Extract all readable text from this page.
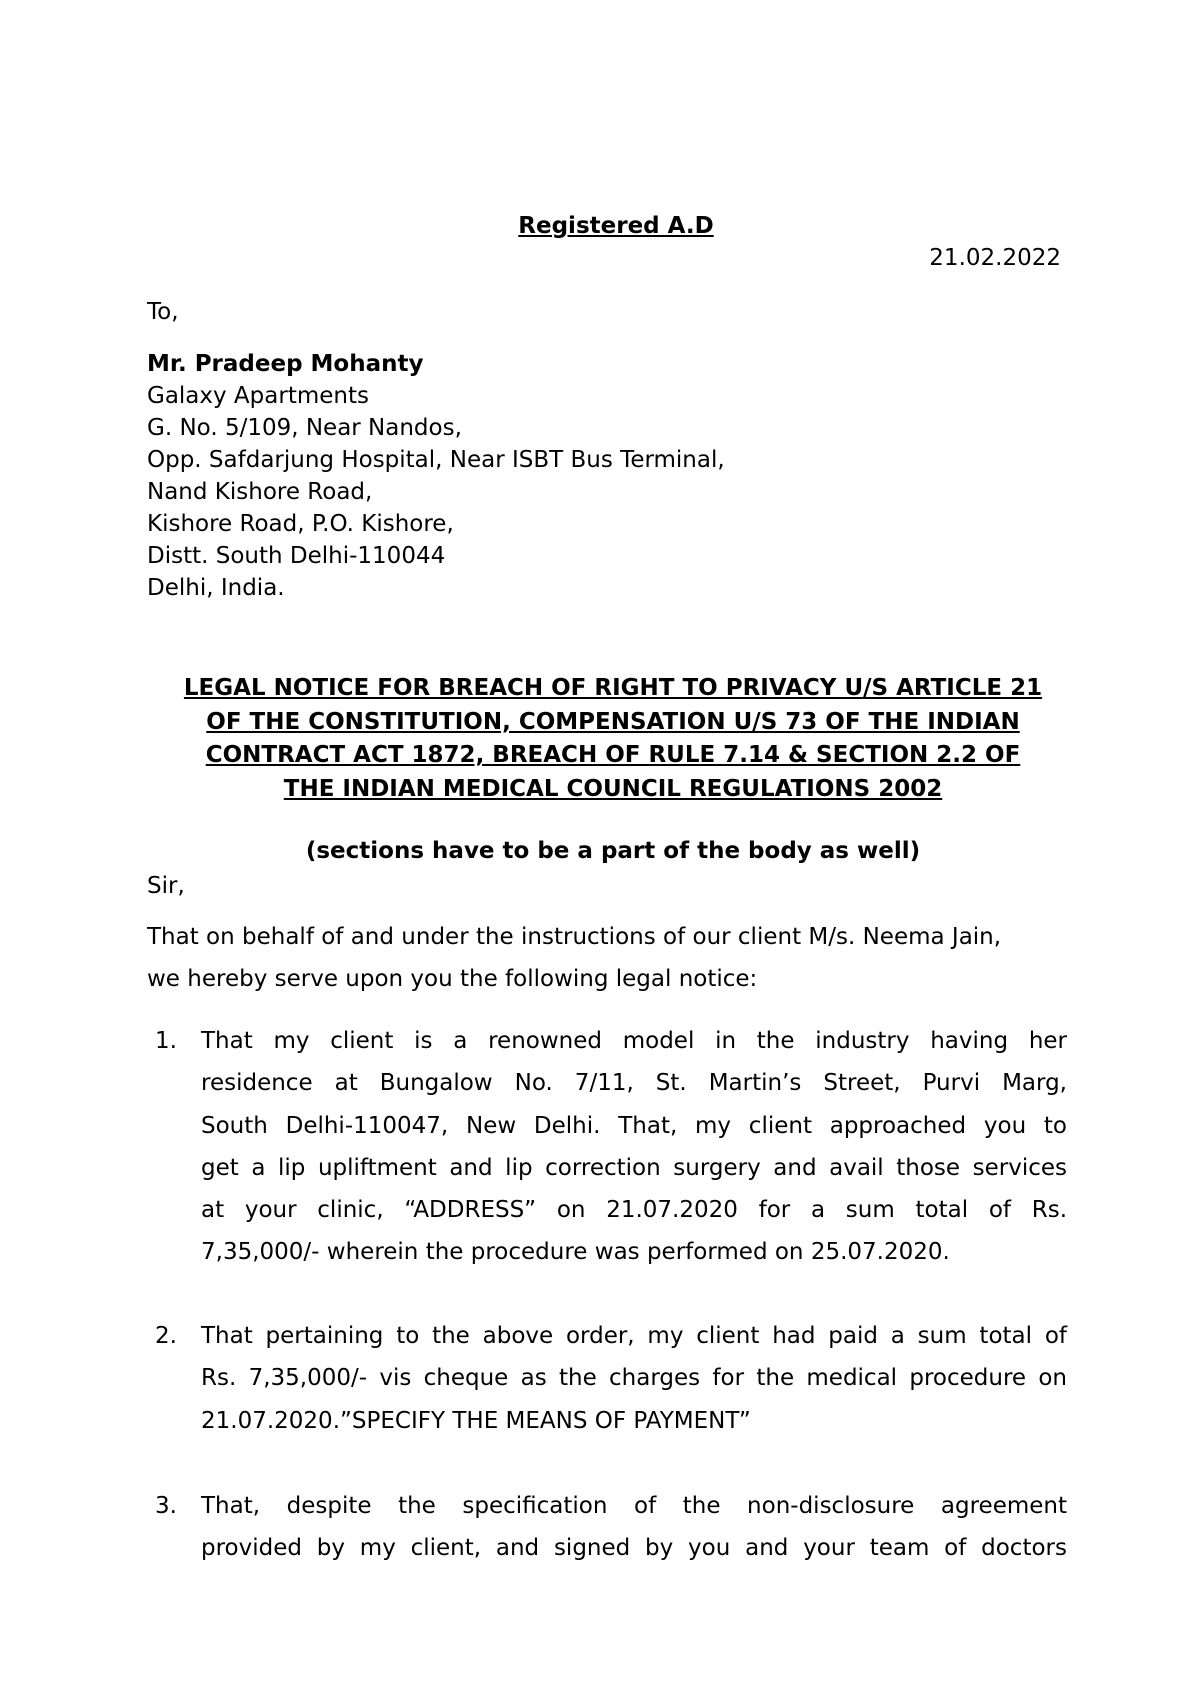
Registered A.D
21.02.2022
To,
Mr. Pradeep Mohanty
Galaxy Apartments
G. No. 5/109, Near Nandos,
Opp. Safdarjung Hospital, Near ISBT Bus Terminal,
Nand Kishore Road,
Kishore Road, P.O. Kishore,
Distt. South Delhi-110044
Delhi, India.
LEGAL NOTICE FOR BREACH OF RIGHT TO PRIVACY U/S ARTICLE 21
OF THE CONSTITUTION, COMPENSATION U/S 73 OF THE INDIAN
CONTRACT ACT 1872, BREACH OF RULE 7.14 & SECTION 2.2 OF
THE INDIAN MEDICAL COUNCIL REGULATIONS 2002
(sections have to be a part of the body as well)
Sir,
That on behalf of and under the instructions of our client M/s. Neema Jain,
we hereby serve upon you the following legal notice:
1. That my client is a renowned model in the industry having her
residence at Bungalow No. 7/11, St. Martin’s Street, Purvi Marg,
South Delhi-110047, New Delhi. That, my client approached you to
get a lip upliftment and lip correction surgery and avail those services
at your clinic, “ADDRESS” on 21.07.2020 for a sum total of Rs.
7,35,000/- wherein the procedure was performed on 25.07.2020.
2. That pertaining to the above order, my client had paid a sum total of
Rs. 7,35,000/- vis cheque as the charges for the medical procedure on
21.07.2020.”SPECIFY THE MEANS OF PAYMENT”
3. That, despite the specification of the non-disclosure agreement
provided by my client, and signed by you and your team of doctors
